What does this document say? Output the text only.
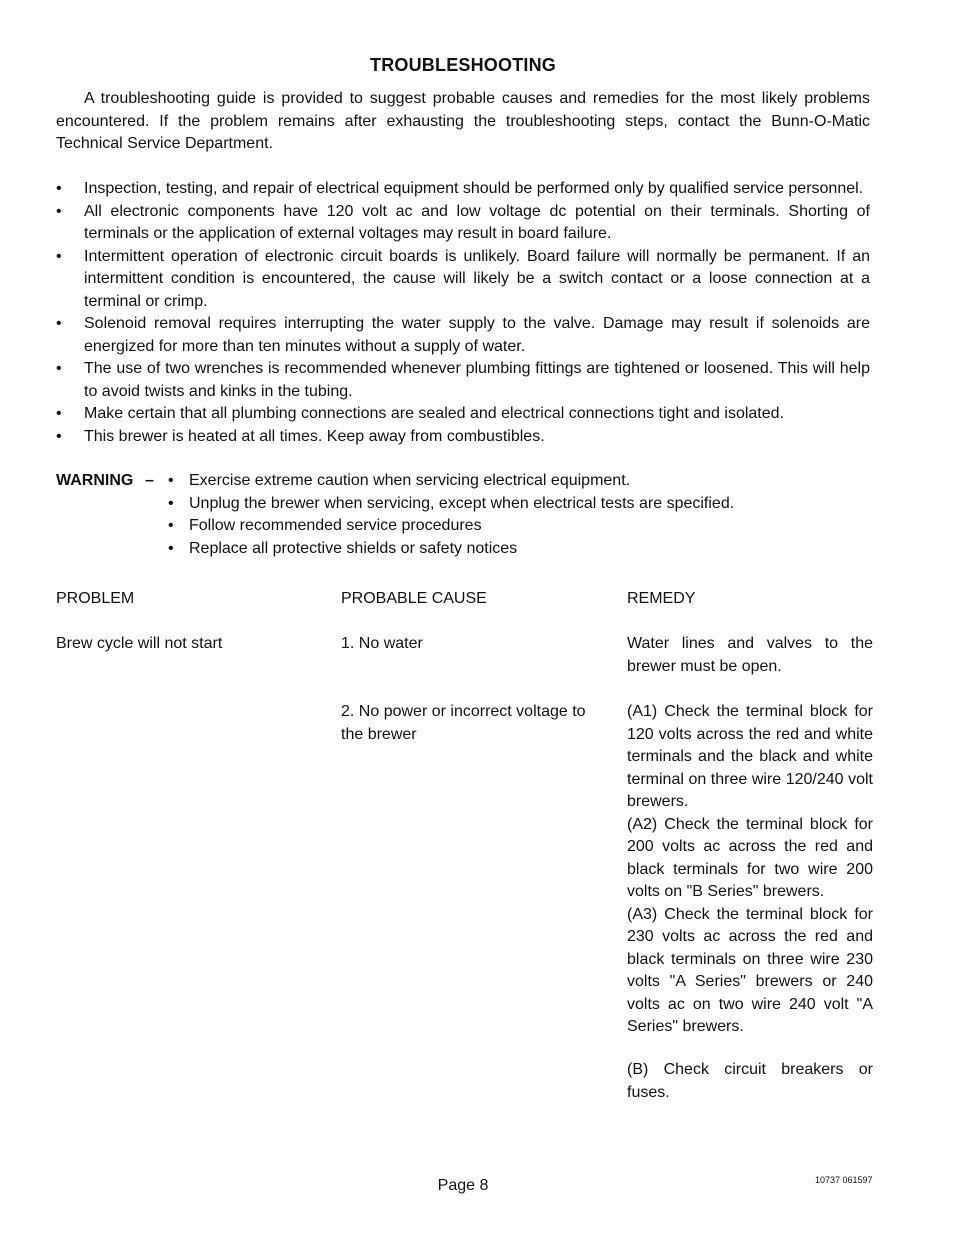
TROUBLESHOOTING

A troubleshooting guide is provided to suggest probable causes and remedies for the most likely problems encountered. If the problem remains after exhausting the troubleshooting steps, contact the Bunn-O-Matic Technical Service Department.

• Inspection, testing, and repair of electrical equipment should be performed only by qualified service personnel.
• All electronic components have 120 volt ac and low voltage dc potential on their terminals. Shorting of terminals or the application of external voltages may result in board failure.
• Intermittent operation of electronic circuit boards is unlikely. Board failure will normally be permanent. If an intermittent condition is encountered, the cause will likely be a switch contact or a loose connection at a terminal or crimp.
• Solenoid removal requires interrupting the water supply to the valve. Damage may result if solenoids are energized for more than ten minutes without a supply of water.
• The use of two wrenches is recommended whenever plumbing fittings are tightened or loosened. This will help to avoid twists and kinks in the tubing.
• Make certain that all plumbing connections are sealed and electrical connections tight and isolated.
• This brewer is heated at all times. Keep away from combustibles.
WARNING –
•	Exercise extreme caution when servicing electrical equipment.
• Unplug the brewer when servicing, except when electrical tests are specified.
• Follow recommended service procedures
• Replace all protective shields or safety notices
PROBLEM	PROBABLE CAUSE	REMEDY
Brew cycle will not start	1. No water	Water lines and valves to the brewer must be open.
2. No power or incorrect voltage to the brewer
(A1) Check the terminal block for 120 volts across the red and white terminals and the black and white terminal on three wire 120/240 volt brewers.
(A2) Check the terminal block for 200 volts ac across the red and black terminals for two wire 200 volts on "B Series" brewers.
(A3) Check the terminal block for 230 volts ac across the red and black terminals on three wire 230 volts "A Series" brewers or 240 volts ac on two wire 240 volt "A Series" brewers.
(B) Check circuit breakers or fuses.
Page 8	10737 061597
